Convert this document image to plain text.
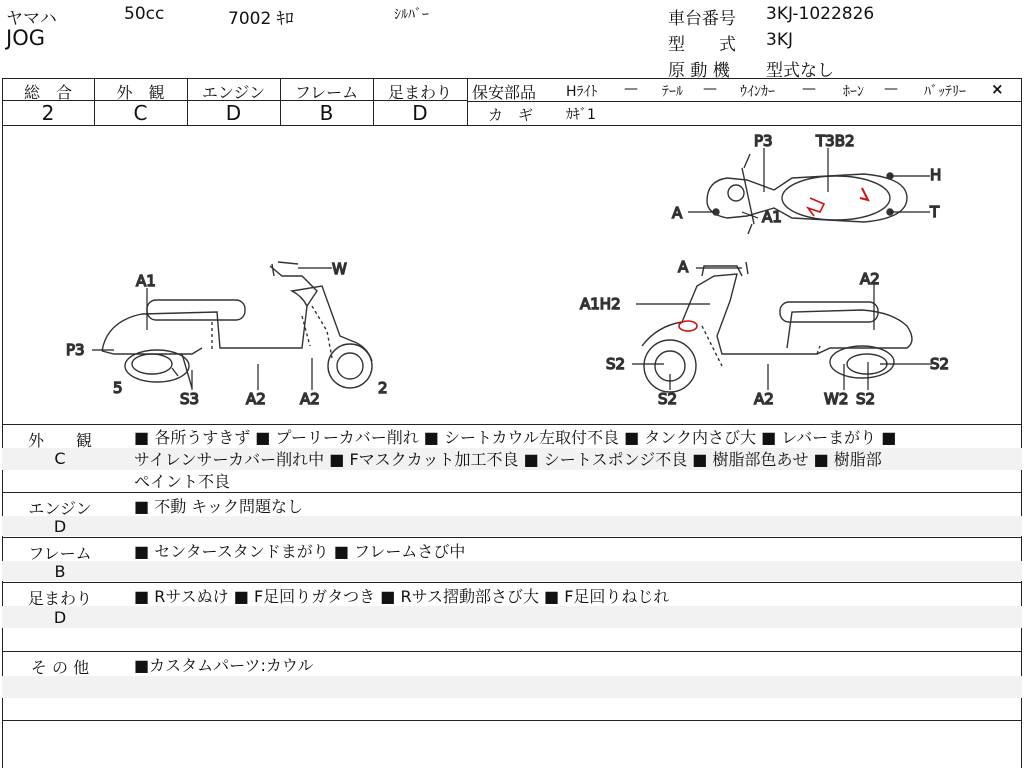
ヤマハ	50cc	7002 ｷﾛ	ｼﾙﾊﾞｰ
JOG
車台番号 3KJ-1022826
型　　式 3KJ
原 動 機 型式なし
総　合
2
外　観
C
エンジン
D
フレーム
B
足まわり
D
保安部品 Hﾗｲﾄ — ﾃｰﾙ — ｳｲﾝｶｰ — ﾎｰﾝ — ﾊﾞｯﾃﾘｰ ×
カ　ギ ｶｷﾞ1
A1
W
P3
5
S3	A2 A2
2
P3	T3B2
H
A	A1	T
A
A1H2
A2
S2
S2	A2	W2 S2
S2
外　　観
C
■ 各所うすきず ■ プーリーカバー削れ ■ シートカウル左取付不良 ■ タンク内さび大 ■ レバーまがり ■
サイレンサーカバー削れ中 ■ Fマスクカット加工不良 ■ シートスポンジ不良 ■ 樹脂部色あせ ■ 樹脂部
ペイント不良
エンジン
D
■ 不動 キック問題なし
フレーム
B
■ センタースタンドまがり ■ フレームさび中
足まわり
D
■ Rサスぬけ ■ F足回りガタつき ■ Rサス摺動部さび大 ■ F足回りねじれ
そ の 他	■カスタムパーツ:カウル
